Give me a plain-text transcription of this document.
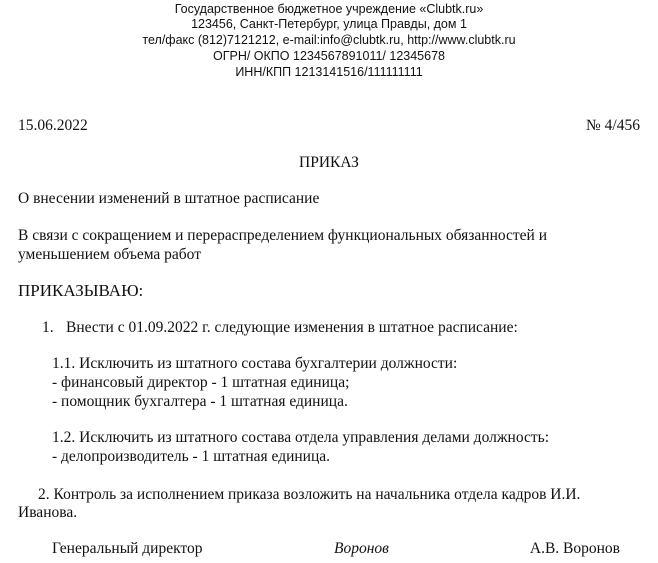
Государственное бюджетное учреждение «Clubtk.ru»
123456, Санкт-Петербург, улица Правды, дом 1
тел/факс (812)7121212, e-mail:info@clubtk.ru, http://www.clubtk.ru
ОГРН/ ОКПО 1234567891011/ 12345678
ИНН/КПП 1213141516/111111111
15.06.2022	№ 4/456
ПРИКАЗ
О внесении изменений в штатное расписание
В связи с сокращением и перераспределением функциональных обязанностей и
уменьшением объема работ
ПРИКАЗЫВАЮ:
1. Внести с 01.09.2022 г. следующие изменения в штатное расписание:
1.1. Исключить из штатного состава бухгалтерии должности:
- финансовый директор - 1 штатная единица;
- помощник бухгалтера - 1 штатная единица.
1.2. Исключить из штатного состава отдела управления делами должность:
- делопроизводитель - 1 штатная единица.
2. Контроль за исполнением приказа возложить на начальника отдела кадров И.И.
Иванова.
Генеральный директор	Воронов	А.В. Воронов
